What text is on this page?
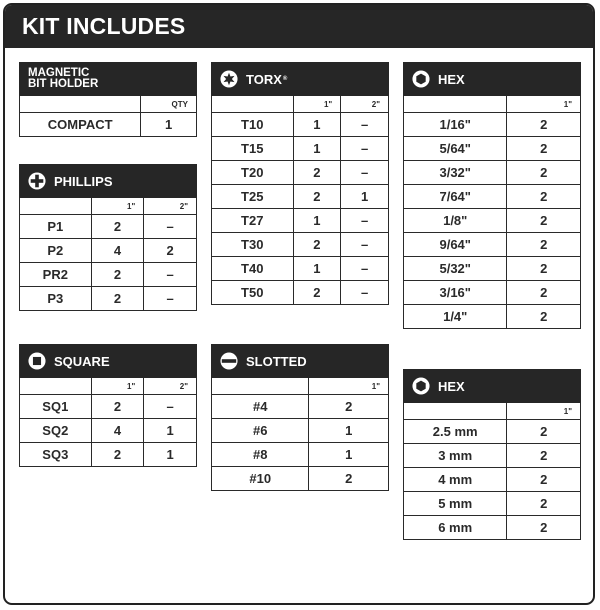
KIT INCLUDES
MAGNETIC
BIT HOLDER	

	QTY
COMPACT	1
PHILLIPS		

	1"	2"
P1	2	–
P2	4	2
PR2	2	–
P3	2	–
SQUARE		

	1"	2"
SQ1	2	–
SQ2	4	1
SQ3	2	1
TORX ®		

	1"	2"
T10	1	–
T15	1	–
T20	2	–
T25	2	1
T27	1	–
T30	2	–
T40	1	–
T50	2	–
SLOTTED	

	1"
#4	2
#6	1
#8	1
#10	2
HEX	

	1"
1/16"	2
5/64"	2
3/32"	2
7/64"	2
1/8"	2
9/64"	2
5/32"	2
3/16"	2
1/4"	2
HEX	

	1"
2.5 mm	2
3 mm	2
4 mm	2
5 mm	2
6 mm	2
